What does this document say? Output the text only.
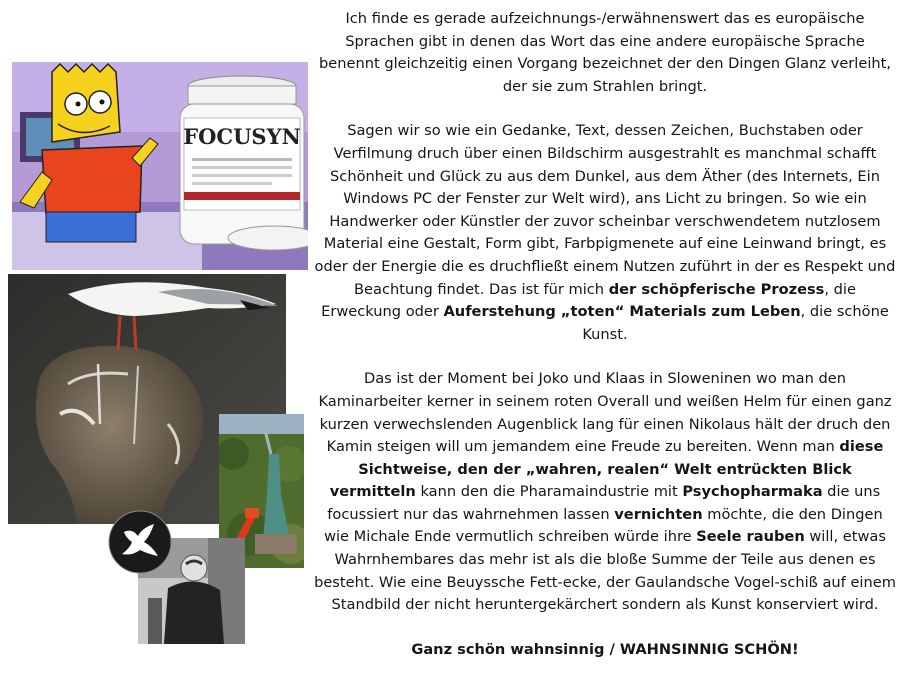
FOCUSYN

Ich finde es gerade aufzeichnungs-/erwähnenswert das es europäische Sprachen gibt in denen das Wort das eine andere europäische Sprache benennt gleichzeitig einen Vorgang bezeichnet der den Dingen Glanz verleiht, der sie zum Strahlen bringt.

Sagen wir so wie ein Gedanke, Text, dessen Zeichen, Buchstaben oder Verfilmung druch über einen Bildschirm ausgestrahlt es manchmal schafft Schönheit und Glück zu aus dem Dunkel, aus dem Äther (des Internets, Ein Windows PC der Fenster zur Welt wird), ans Licht zu bringen. So wie ein Handwerker oder Künstler der zuvor scheinbar verschwendetem nutzlosem Material eine Gestalt, Form gibt, Farbpigmenete auf eine Leinwand bringt, es oder der Energie die es druchfließt einem Nutzen zuführt in der es Respekt und Beachtung findet. Das ist für mich der schöpferische Prozess, die Erweckung oder Auferstehung „toten“ Materials zum Leben, die schöne Kunst.

Das ist der Moment bei Joko und Klaas in Sloweninen wo man den Kaminarbeiter kerner in seinem roten Overall und weißen Helm für einen ganz kurzen verwechslenden Augenblick lang für einen Nikolaus hält der druch den Kamin steigen will um jemandem eine Freude zu bereiten. Wenn man diese Sichtweise, den der „wahren, realen“ Welt entrückten Blick vermitteln kann den die Pharamaindustrie mit Psychopharmaka die uns focussiert nur das wahrnehmen lassen vernichten möchte, die den Dingen wie Michale Ende vermutlich schreiben würde ihre Seele rauben will, etwas Wahrnhembares das mehr ist als die bloße Summe der Teile aus denen es besteht. Wie eine Beuyssche Fett-ecke, der Gaulandsche Vogel-schiß auf einem Standbild der nicht heruntergekärchert sondern als Kunst konserviert wird.

Ganz schön wahnsinnig / WAHNSINNIG SCHÖN!
